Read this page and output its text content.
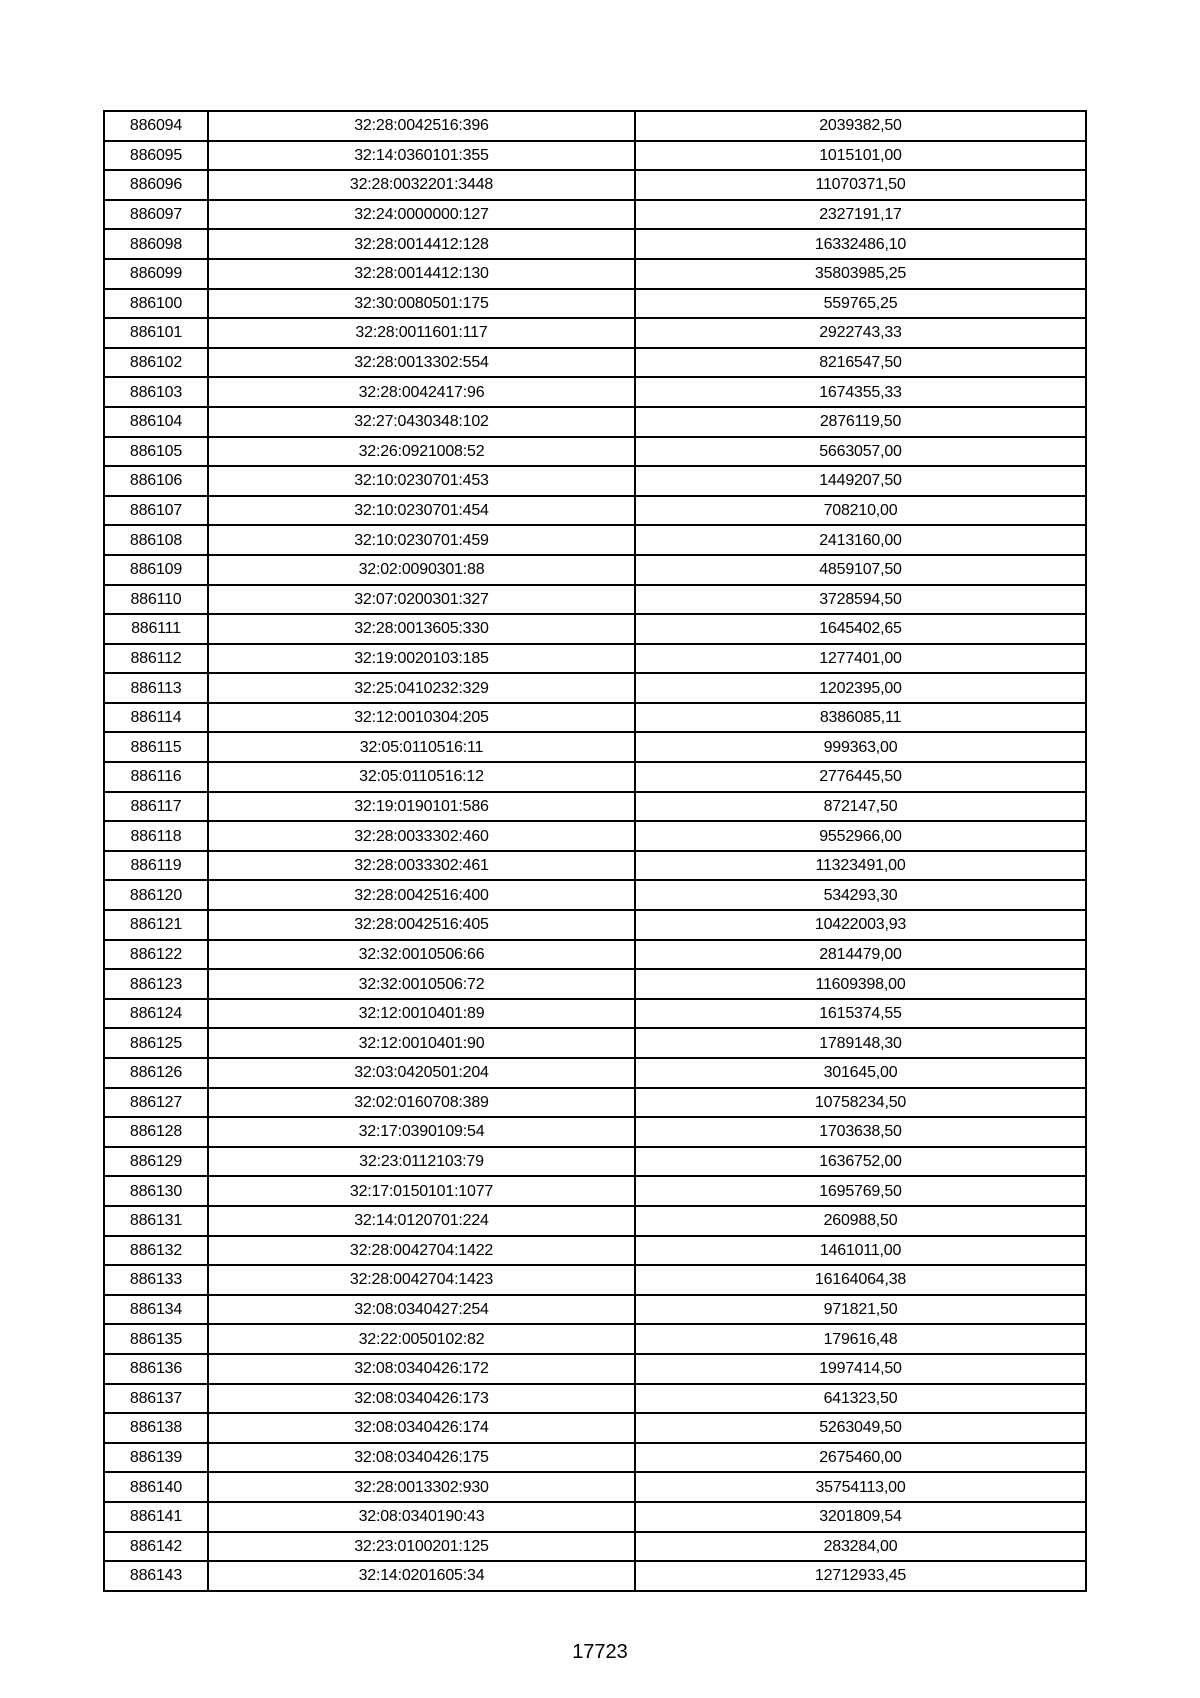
886094	32:28:0042516:396	2039382,50
886095	32:14:0360101:355	1015101,00
886096	32:28:0032201:3448	11070371,50
886097	32:24:0000000:127	2327191,17
886098	32:28:0014412:128	16332486,10
886099	32:28:0014412:130	35803985,25
886100	32:30:0080501:175	559765,25
886101	32:28:0011601:117	2922743,33
886102	32:28:0013302:554	8216547,50
886103	32:28:0042417:96	1674355,33
886104	32:27:0430348:102	2876119,50
886105	32:26:0921008:52	5663057,00
886106	32:10:0230701:453	1449207,50
886107	32:10:0230701:454	708210,00
886108	32:10:0230701:459	2413160,00
886109	32:02:0090301:88	4859107,50
886110	32:07:0200301:327	3728594,50
886111	32:28:0013605:330	1645402,65
886112	32:19:0020103:185	1277401,00
886113	32:25:0410232:329	1202395,00
886114	32:12:0010304:205	8386085,11
886115	32:05:0110516:11	999363,00
886116	32:05:0110516:12	2776445,50
886117	32:19:0190101:586	872147,50
886118	32:28:0033302:460	9552966,00
886119	32:28:0033302:461	11323491,00
886120	32:28:0042516:400	534293,30
886121	32:28:0042516:405	10422003,93
886122	32:32:0010506:66	2814479,00
886123	32:32:0010506:72	11609398,00
886124	32:12:0010401:89	1615374,55
886125	32:12:0010401:90	1789148,30
886126	32:03:0420501:204	301645,00
886127	32:02:0160708:389	10758234,50
886128	32:17:0390109:54	1703638,50
886129	32:23:0112103:79	1636752,00
886130	32:17:0150101:1077	1695769,50
886131	32:14:0120701:224	260988,50
886132	32:28:0042704:1422	1461011,00
886133	32:28:0042704:1423	16164064,38
886134	32:08:0340427:254	971821,50
886135	32:22:0050102:82	179616,48
886136	32:08:0340426:172	1997414,50
886137	32:08:0340426:173	641323,50
886138	32:08:0340426:174	5263049,50
886139	32:08:0340426:175	2675460,00
886140	32:28:0013302:930	35754113,00
886141	32:08:0340190:43	3201809,54
886142	32:23:0100201:125	283284,00
886143	32:14:0201605:34	12712933,45
17723
